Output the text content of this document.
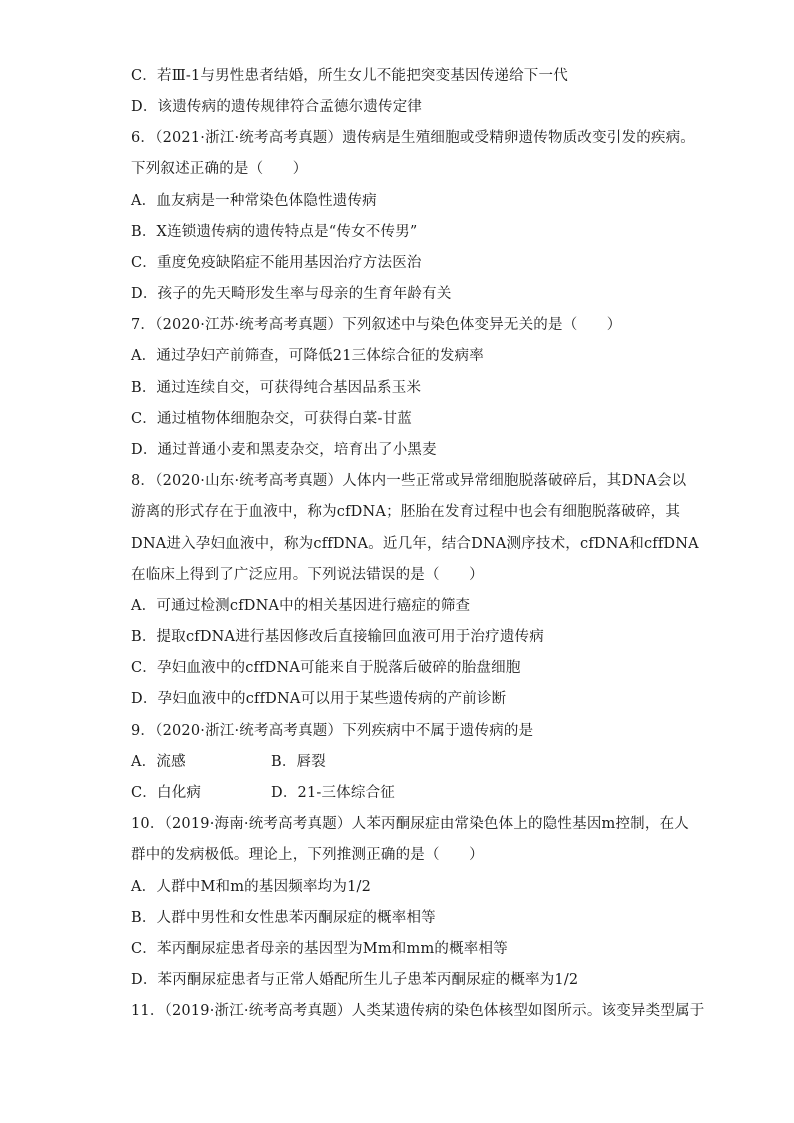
C．若Ⅲ-1与男性患者结婚，所生女儿不能把突变基因传递给下一代
D．该遗传病的遗传规律符合孟德尔遗传定律
6．（2021·浙江·统考高考真题）遗传病是生殖细胞或受精卵遗传物质改变引发的疾病。
下列叙述正确的是（　　）
A．血友病是一种常染色体隐性遗传病
B．X连锁遗传病的遗传特点是“传女不传男”
C．重度免疫缺陷症不能用基因治疗方法医治
D．孩子的先天畸形发生率与母亲的生育年龄有关
7．（2020·江苏·统考高考真题）下列叙述中与染色体变异无关的是（　　）
A．通过孕妇产前筛查，可降低21三体综合征的发病率
B．通过连续自交，可获得纯合基因品系玉米
C．通过植物体细胞杂交，可获得白菜-甘蓝
D．通过普通小麦和黑麦杂交，培育出了小黑麦
8．（2020·山东·统考高考真题）人体内一些正常或异常细胞脱落破碎后，其DNA会以
游离的形式存在于血液中，称为cfDNA；胚胎在发育过程中也会有细胞脱落破碎，其
DNA进入孕妇血液中，称为cffDNA。近几年，结合DNA测序技术，cfDNA和cffDNA
在临床上得到了广泛应用。下列说法错误的是（　　）
A．可通过检测cfDNA中的相关基因进行癌症的筛查
B．提取cfDNA进行基因修改后直接输回血液可用于治疗遗传病
C．孕妇血液中的cffDNA可能来自于脱落后破碎的胎盘细胞
D．孕妇血液中的cffDNA可以用于某些遗传病的产前诊断
9．（2020·浙江·统考高考真题）下列疾病中不属于遗传病的是
A．流感	B．唇裂
C．白化病	D．21-三体综合征
10．（2019·海南·统考高考真题）人苯丙酮尿症由常染色体上的隐性基因m控制，在人
群中的发病极低。理论上，下列推测正确的是（　　）
A．人群中M和m的基因频率均为1/2
B．人群中男性和女性患苯丙酮尿症的概率相等
C．苯丙酮尿症患者母亲的基因型为Mm和mm的概率相等
D．苯丙酮尿症患者与正常人婚配所生儿子患苯丙酮尿症的概率为1/2
11．（2019·浙江·统考高考真题）人类某遗传病的染色体核型如图所示。该变异类型属于
